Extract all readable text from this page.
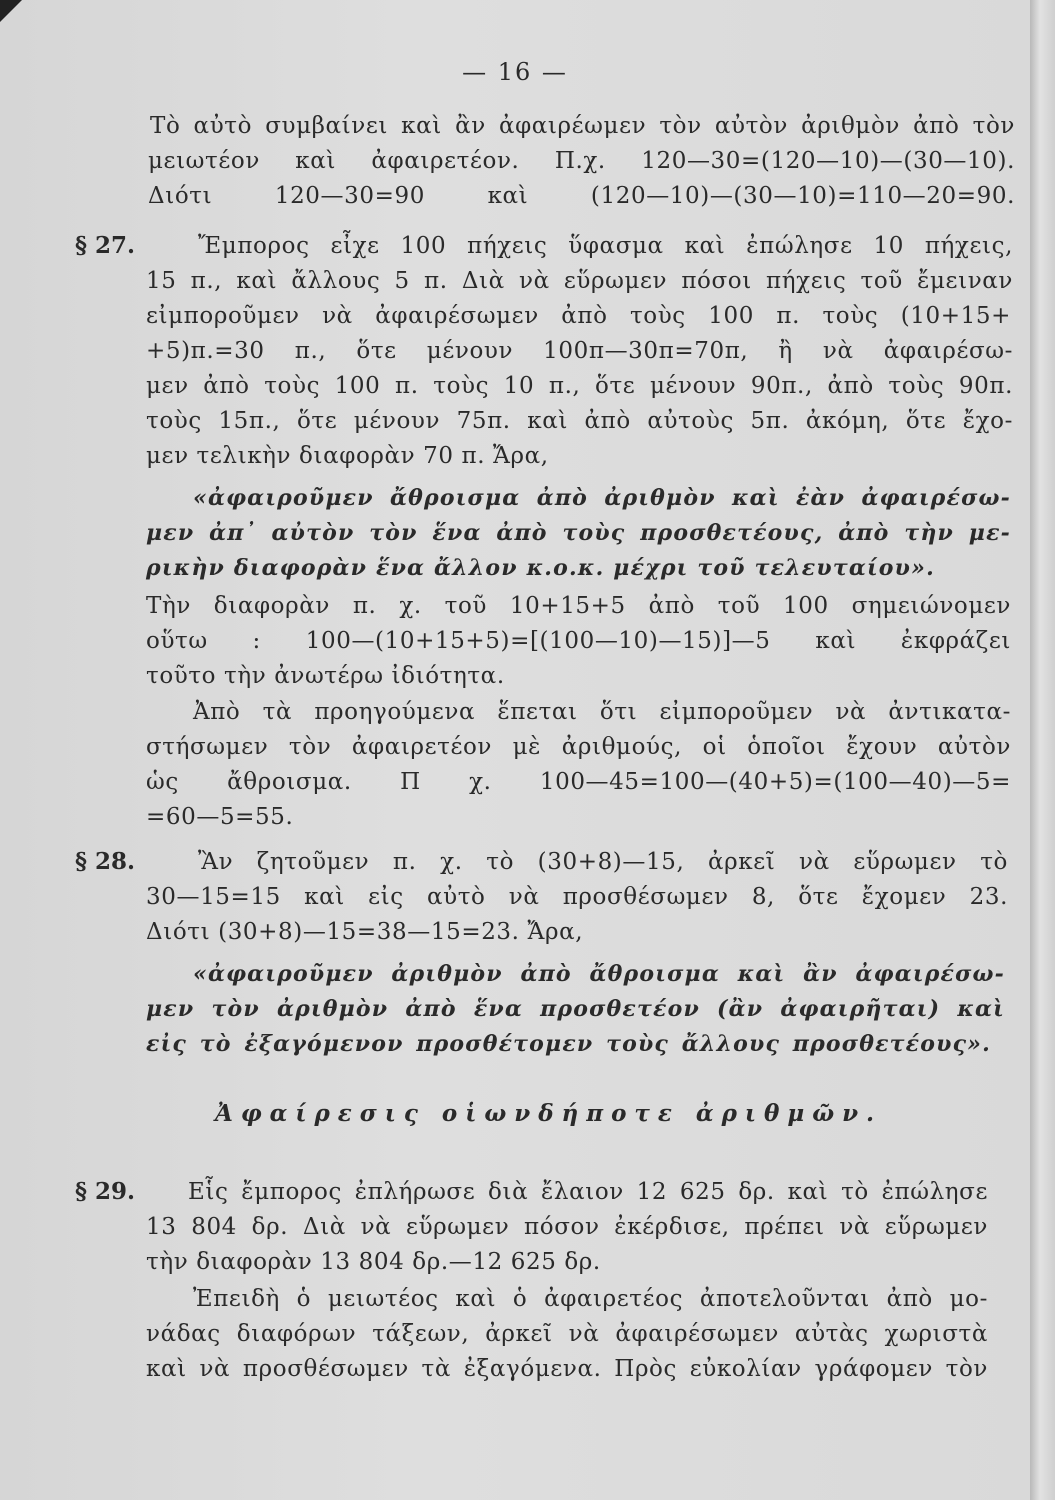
— 16 —
Τὸ αὐτὸ συμβαίνει καὶ ἂν ἀφαιρέωμεν τὸν αὐτὸν ἀριθμὸν ἀπὸ τὸν
μειωτέον καὶ ἀφαιρετέον. Π.χ. 120—30=(120—10)—(30—10).
Διότι 120—30=90 καὶ (120—10)—(30—10)=110—20=90.
§ 27.	Ἔμπορος εἶχε 100 πήχεις ὕφασμα καὶ ἐπώλησε 10 πήχεις,
15 π., καὶ ἄλλους 5 π. Διὰ νὰ εὕρωμεν πόσοι πήχεις τοῦ ἔμειναν
εἰμποροῦμεν νὰ ἀφαιρέσωμεν ἀπὸ τοὺς 100 π. τοὺς (10+15+
+5)π.=30 π., ὅτε μένουν 100π—30π=70π, ἢ νὰ ἀφαιρέσω-
μεν ἀπὸ τοὺς 100 π. τοὺς 10 π., ὅτε μένουν 90π., ἀπὸ τοὺς 90π.
τοὺς 15π., ὅτε μένουν 75π. καὶ ἀπὸ αὐτοὺς 5π. ἀκόμη, ὅτε ἔχο-
μεν τελικὴν διαφορὰν 70 π. Ἄρα,
«ἀφαιροῦμεν ἄθροισμα ἀπὸ ἀριθμὸν καὶ ἐὰν ἀφαιρέσω-
μεν ἀπ᾽ αὐτὸν τὸν ἕνα ἀπὸ τοὺς προσθετέους, ἀπὸ τὴν με-
ρικὴν διαφορὰν ἕνα ἄλλον κ.ο.κ. μέχρι τοῦ τελευταίου».
Τὴν διαφορὰν π. χ. τοῦ 10+15+5 ἀπὸ τοῦ 100 σημειώνομεν
οὕτω : 100—(10+15+5)=[(100—10)—15)]—5 καὶ ἐκφράζει
τοῦτο τὴν ἀνωτέρω ἰδιότητα.
Ἀπὸ τὰ προηγούμενα ἕπεται ὅτι εἰμποροῦμεν νὰ ἀντικατα-
στήσωμεν τὸν ἀφαιρετέον μὲ ἀριθμούς, οἱ ὁποῖοι ἔχουν αὐτὸν
ὡς ἄθροισμα. Π χ. 100—45=100—(40+5)=(100—40)—5=
=60—5=55.
§ 28.	Ἂν ζητοῦμεν π. χ. τὸ (30+8)—15, ἀρκεῖ νὰ εὕρωμεν τὸ
30—15=15 καὶ εἰς αὐτὸ νὰ προσθέσωμεν 8, ὅτε ἔχομεν 23.
Διότι (30+8)—15=38—15=23. Ἄρα,
«ἀφαιροῦμεν ἀριθμὸν ἀπὸ ἄθροισμα καὶ ἂν ἀφαιρέσω-
μεν τὸν ἀριθμὸν ἀπὸ ἕνα προσθετέον (ἂν ἀφαιρῆται) καὶ
εἰς τὸ ἐξαγόμενον προσθέτομεν τοὺς ἄλλους προσθετέους».
Ἀφαίρεσις οἱωνδήποτε ἀριθμῶν.
§ 29. Εἷς ἔμπορος ἐπλήρωσε διὰ ἔλαιον 12 625 δρ. καὶ τὸ ἐπώλησε
13 804 δρ. Διὰ νὰ εὕρωμεν πόσον ἐκέρδισε, πρέπει νὰ εὕρωμεν
τὴν διαφορὰν 13 804 δρ.—12 625 δρ.
Ἐπειδὴ ὁ μειωτέος καὶ ὁ ἀφαιρετέος ἀποτελοῦνται ἀπὸ μο-
νάδας διαφόρων τάξεων, ἀρκεῖ νὰ ἀφαιρέσωμεν αὐτὰς χωριστὰ
καὶ νὰ προσθέσωμεν τὰ ἐξαγόμενα. Πρὸς εὐκολίαν γράφομεν τὸν
